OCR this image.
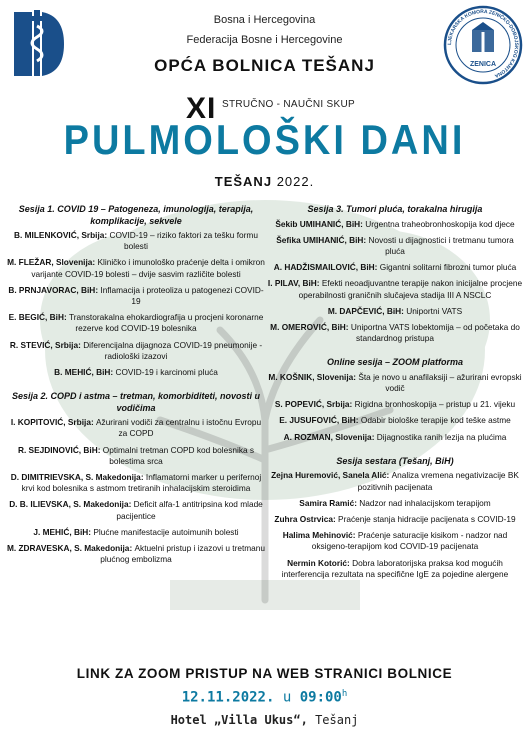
LJEKARSKA KOMORA ZENIČKO-DOBOJSKOG KANTONA
ZENICA
Bosna i Hercegovina
Federacija Bosne i Hercegovine
OPĆA BOLNICA TEŠANJ
XI STRUČNO - NAUČNI SKUP
PULMOLOŠKI DANI
TEŠANJ 2022.
Sesija 1. COVID 19 – Patogeneza, imunologija, terapija, komplikacije, sekvele
B. MILENKOVIĆ, Srbija: COVID-19 – rizikо faktori za tešku formu bolesti
M. FLEŽAR, Slovenija: Kliničko i imunološko praćenje delta i omikron varijante COVID-19 bolesti – dvije sasvim različite bolesti
B. PRNJAVORAC, BiH: Inflamacija i proteoliza u patogenezi COVID-19
E. BEGIĆ, BiH: Transtorakalna ehokardiografija u procjeni koronarne rezerve kod COVID-19 bolesnika
R. STEVIĆ, Srbija: Diferencijalna dijagnoza COVID-19 pneumonije - radiološki izazovi
B. MEHIĆ, BiH: COVID-19 i karcinomi pluća
Sesija 2. COPD i astma – tretman, komorbiditeti, novosti u vodičima
I. KOPITOVIĆ, Srbija: Ažurirani vodiči za centralnu i istočnu Evropu za COPD
R. SEJDINOVIĆ, BiH: Optimalni tretman COPD kod bolesnika s bolestima srca
D. DIMITRIEVSKA, S. Makedonija: Inflamatorni marker u perifernoj krvi kod bolesnika s astmom tretiranih inhalacijskim steroidima
D. B. ILIEVSKA, S. Makedonija: Deficit alfa-1 antitripsina kod mlade pacijentice
J. MEHIĆ, BiH: Plućne manifestacije autoimunih bolesti
M. ZDRAVESKA, S. Makedonija: Aktuelni pristup i izazovi u tretmanu plućnog embolizma
Sesija 3. Tumori pluća, torakalna hirugija
Šekib UMIHANIĆ, BiH: Urgentna traheobronhoskopija kod djece
Šefika UMIHANIĆ, BiH: Novosti u dijagnostici i tretmanu tumora pluća
A. HADŽISMAILOVIĆ, BiH: Gigantni solitarni fibrozni tumor pluća
I. PILAV, BiH: Efekti neoadjuvantne terapije nakon inicijalne procjene operabilnosti graničnih slučajeva stadija III A NSCLC
M. DAPČEVIĆ, BiH: Uniportni VATS
M. OMEROVIĆ, BiH: Uniportna VATS lobektomija – od početaka do standardnog pristupa
Online sesija – ZOOM platforma
M. KOŠNIK, Slovenija: Šta je novo u anafilaksiji – ažurirani evropski vodič
S. POPEVIĆ, Srbija: Rigidna bronhoskopija – pristup u 21. vijeku
E. JUSUFOVIĆ, BiH: Odabir biološke terapije kod teške astme
A. ROZMAN, Slovenija: Dijagnostika ranih lezija na plućima
Sesija sestara (Tešanj, BiH)
Zejna Huremović, Sanela Alić: Analiza vremena negativizacije BK pozitivnih pacijenata
Samira Ramić: Nadzor nad inhalacijskom terapijom
Zuhra Ostrvica: Praćenje stanja hidracije pacijenata s COVID-19
Halima Mehinović: Praćenje saturacije kisikom - nadzor nad oksigeno-terapijom kod COVID-19 pacijenata
Nermin Kotorić: Dobra laboratorijska praksa kod mogućih interferencija rezultata na specifične IgE za pojedine alergene
LINK ZA ZOOM PRISTUP NA WEB STRANICI BOLNICE
12.11.2022. u 09:00$^h$
Hotel „Villa Ukus“, Tešanj
